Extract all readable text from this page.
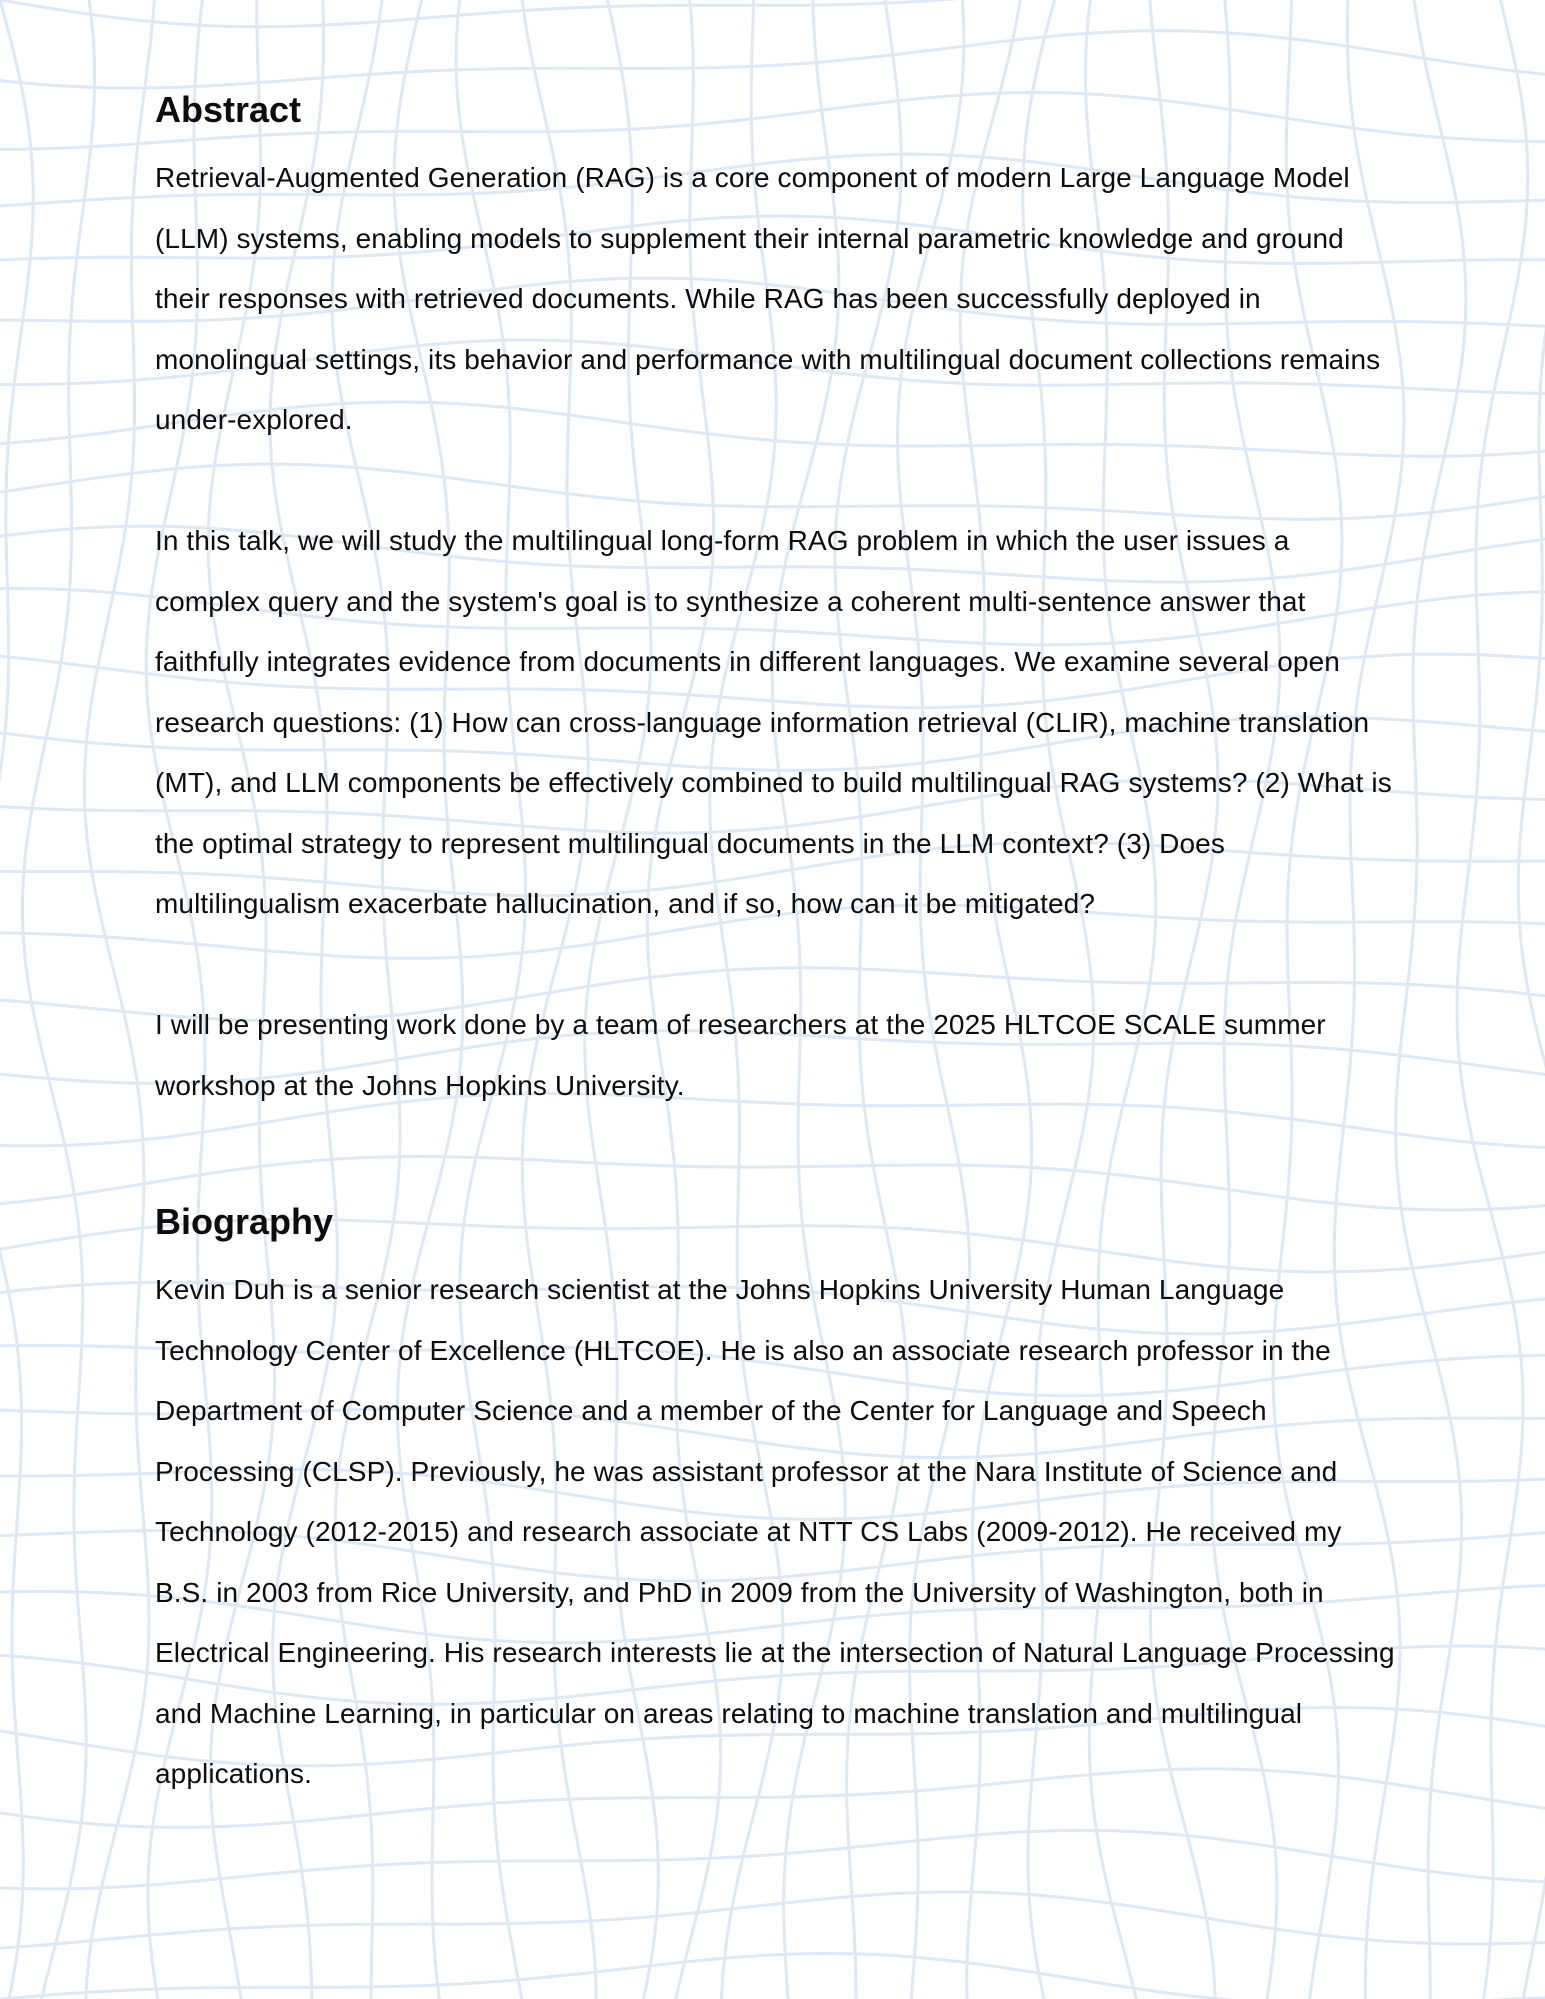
Abstract

Retrieval-Augmented Generation (RAG) is a core component of modern Large Language Model (LLM) systems, enabling models to supplement their internal parametric knowledge and ground their responses with retrieved documents. While RAG has been successfully deployed in monolingual settings, its behavior and performance with multilingual document collections remains under-explored.

In this talk, we will study the multilingual long-form RAG problem in which the user issues a complex query and the system's goal is to synthesize a coherent multi-sentence answer that faithfully integrates evidence from documents in different languages. We examine several open research questions: (1) How can cross-language information retrieval (CLIR), machine translation (MT), and LLM components be effectively combined to build multilingual RAG systems? (2) What is the optimal strategy to represent multilingual documents in the LLM context? (3) Does multilingualism exacerbate hallucination, and if so, how can it be mitigated?

I will be presenting work done by a team of researchers at the 2025 HLTCOE SCALE summer workshop at the Johns Hopkins University.

Biography

Kevin Duh is a senior research scientist at the Johns Hopkins University Human Language Technology Center of Excellence (HLTCOE). He is also an associate research professor in the Department of Computer Science and a member of the Center for Language and Speech Processing (CLSP). Previously, he was assistant professor at the Nara Institute of Science and Technology (2012-2015) and research associate at NTT CS Labs (2009-2012). He received my B.S. in 2003 from Rice University, and PhD in 2009 from the University of Washington, both in Electrical Engineering. His research interests lie at the intersection of Natural Language Processing and Machine Learning, in particular on areas relating to machine translation and multilingual applications.
